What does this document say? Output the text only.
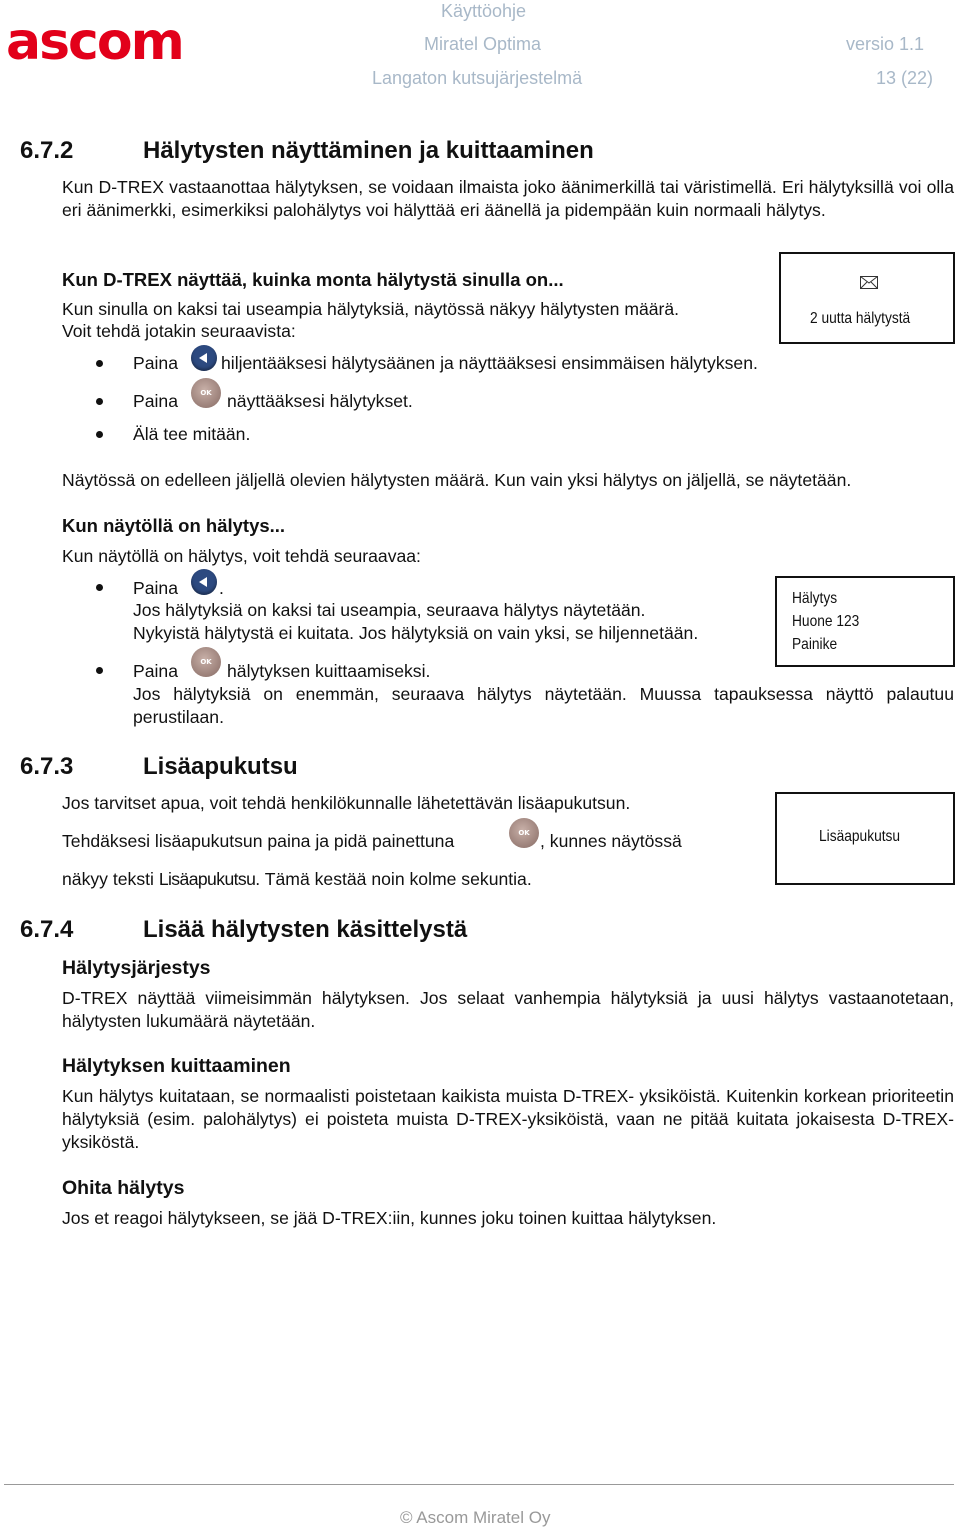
ascom
Käyttöohje
Miratel Optima	versio 1.1
Langaton kutsujärjestelmä	13 (22)
6.7.2	Hälytysten näyttäminen ja kuittaaminen
Kun D-TREX vastaanottaa hälytyksen, se voidaan ilmaista joko äänimerkillä tai väristimellä. Eri hälytyksillä voi olla eri äänimerkki, esimerkiksi palohälytys voi hälyttää eri äänellä ja pidempään kuin normaali hälytys.
Kun D-TREX näyttää, kuinka monta hälytystä sinulla on...
Kun sinulla on kaksi tai useampia hälytyksiä, näytössä näkyy hälytysten määrä.
Voit tehdä jotakin seuraavista:
Paina hiljentääksesi hälytysäänen ja näyttääksesi ensimmäisen hälytyksen.
Paina	OK näyttääksesi hälytykset.
Älä tee mitään.
Näytössä on edelleen jäljellä olevien hälytysten määrä. Kun vain yksi hälytys on jäljellä, se näytetään.
2 uutta hälytystä
Kun näytöllä on hälytys...
Kun näytöllä on hälytys, voit tehdä seuraavaa:
Paina .
Jos hälytyksiä on kaksi tai useampia, seuraava hälytys näytetään.
Nykyistä hälytystä ei kuitata. Jos hälytyksiä on vain yksi, se hiljennetään.
Paina	OK hälytyksen kuittaamiseksi.
Jos hälytyksiä on enemmän, seuraava hälytys näytetään. Muussa tapauksessa näyttö palautuu perustilaan.
Hälytys
Huone 123
Painike
6.7.3	Lisäapukutsu
Jos tarvitset apua, voit tehdä henkilökunnalle lähetettävän lisäapukutsun.
Tehdäksesi lisäapukutsun paina ja pidä painettuna	OK , kunnes näytössä
näkyy teksti Lisäapukutsu. Tämä kestää noin kolme sekuntia.
Lisäapukutsu
6.7.4	Lisää hälytysten käsittelystä
Hälytysjärjestys
D-TREX näyttää viimeisimmän hälytyksen. Jos selaat vanhempia hälytyksiä ja uusi hälytys vastaanotetaan, hälytysten lukumäärä näytetään.
Hälytyksen kuittaaminen
Kun hälytys kuitataan, se normaalisti poistetaan kaikista muista D-TREX- yksiköistä. Kuitenkin korkean prioriteetin hälytyksiä (esim. palohälytys) ei poisteta muista D-TREX-yksiköistä, vaan ne pitää kuitata jokaisesta D-TREX-yksiköstä.
Ohita hälytys
Jos et reagoi hälytykseen, se jää D-TREX:iin, kunnes joku toinen kuittaa hälytyksen.
© Ascom Miratel Oy
